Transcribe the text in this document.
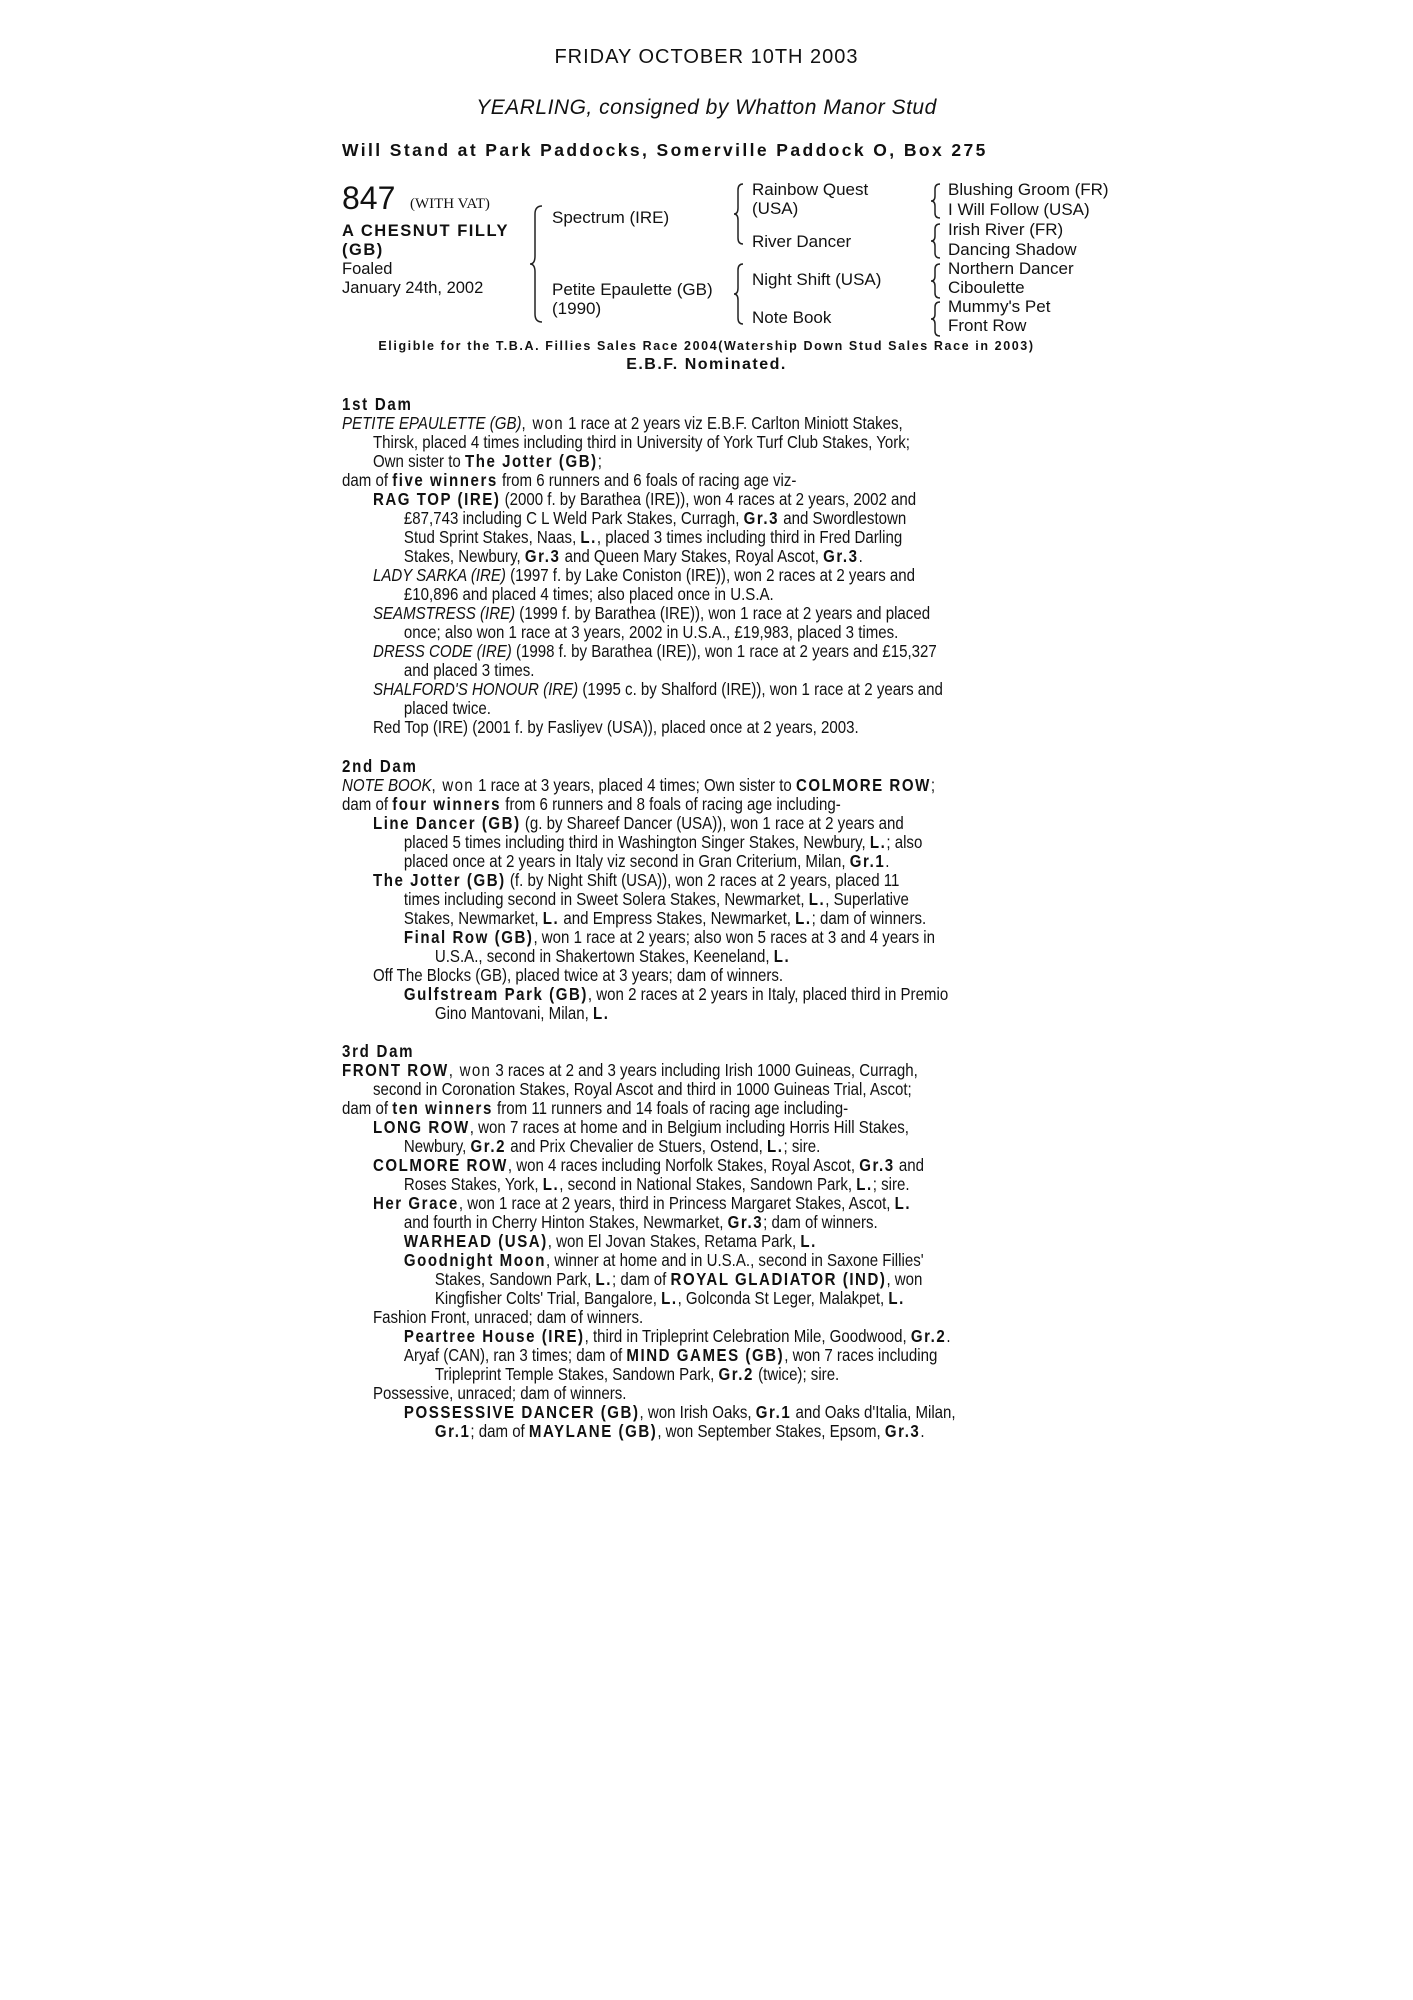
FRIDAY OCTOBER 10TH 2003
YEARLING, consigned by Whatton Manor Stud
Will Stand at Park Paddocks, Somerville Paddock O, Box 275
847 (WITH VAT)
A CHESNUT FILLY
(GB)
Foaled
January 24th, 2002
Spectrum (IRE)
Petite Epaulette (GB)
(1990)
Rainbow Quest
(USA)
River Dancer
Night Shift (USA)
Note Book
Blushing Groom (FR)
I Will Follow (USA)
Irish River (FR)
Dancing Shadow
Northern Dancer
Ciboulette
Mummy's Pet
Front Row
Eligible for the T.B.A. Fillies Sales Race 2004(Watership Down Stud Sales Race in 2003)
E.B.F. Nominated.
1st Dam
PETITE EPAULETTE (GB), won 1 race at 2 years viz E.B.F. Carlton Miniott Stakes,
Thirsk, placed 4 times including third in University of York Turf Club Stakes, York;
Own sister to The Jotter (GB);
dam of five winners from 6 runners and 6 foals of racing age viz-
RAG TOP (IRE) (2000 f. by Barathea (IRE)), won 4 races at 2 years, 2002 and
£87,743 including C L Weld Park Stakes, Curragh, Gr.3 and Swordlestown
Stud Sprint Stakes, Naas, L., placed 3 times including third in Fred Darling
Stakes, Newbury, Gr.3 and Queen Mary Stakes, Royal Ascot, Gr.3.
LADY SARKA (IRE) (1997 f. by Lake Coniston (IRE)), won 2 races at 2 years and
£10,896 and placed 4 times; also placed once in U.S.A.
SEAMSTRESS (IRE) (1999 f. by Barathea (IRE)), won 1 race at 2 years and placed
once; also won 1 race at 3 years, 2002 in U.S.A., £19,983, placed 3 times.
DRESS CODE (IRE) (1998 f. by Barathea (IRE)), won 1 race at 2 years and £15,327
and placed 3 times.
SHALFORD'S HONOUR (IRE) (1995 c. by Shalford (IRE)), won 1 race at 2 years and
placed twice.
Red Top (IRE) (2001 f. by Fasliyev (USA)), placed once at 2 years, 2003.
2nd Dam
NOTE BOOK, won 1 race at 3 years, placed 4 times; Own sister to COLMORE ROW;
dam of four winners from 6 runners and 8 foals of racing age including-
Line Dancer (GB) (g. by Shareef Dancer (USA)), won 1 race at 2 years and
placed 5 times including third in Washington Singer Stakes, Newbury, L.; also
placed once at 2 years in Italy viz second in Gran Criterium, Milan, Gr.1.
The Jotter (GB) (f. by Night Shift (USA)), won 2 races at 2 years, placed 11
times including second in Sweet Solera Stakes, Newmarket, L., Superlative
Stakes, Newmarket, L. and Empress Stakes, Newmarket, L.; dam of winners.
Final Row (GB), won 1 race at 2 years; also won 5 races at 3 and 4 years in
U.S.A., second in Shakertown Stakes, Keeneland, L.
Off The Blocks (GB), placed twice at 3 years; dam of winners.
Gulfstream Park (GB), won 2 races at 2 years in Italy, placed third in Premio
Gino Mantovani, Milan, L.
3rd Dam
FRONT ROW, won 3 races at 2 and 3 years including Irish 1000 Guineas, Curragh,
second in Coronation Stakes, Royal Ascot and third in 1000 Guineas Trial, Ascot;
dam of ten winners from 11 runners and 14 foals of racing age including-
LONG ROW, won 7 races at home and in Belgium including Horris Hill Stakes,
Newbury, Gr.2 and Prix Chevalier de Stuers, Ostend, L.; sire.
COLMORE ROW, won 4 races including Norfolk Stakes, Royal Ascot, Gr.3 and
Roses Stakes, York, L., second in National Stakes, Sandown Park, L.; sire.
Her Grace, won 1 race at 2 years, third in Princess Margaret Stakes, Ascot, L.
and fourth in Cherry Hinton Stakes, Newmarket, Gr.3; dam of winners.
WARHEAD (USA), won El Jovan Stakes, Retama Park, L.
Goodnight Moon, winner at home and in U.S.A., second in Saxone Fillies'
Stakes, Sandown Park, L.; dam of ROYAL GLADIATOR (IND), won
Kingfisher Colts' Trial, Bangalore, L., Golconda St Leger, Malakpet, L.
Fashion Front, unraced; dam of winners.
Peartree House (IRE), third in Tripleprint Celebration Mile, Goodwood, Gr.2.
Aryaf (CAN), ran 3 times; dam of MIND GAMES (GB), won 7 races including
Tripleprint Temple Stakes, Sandown Park, Gr.2 (twice); sire.
Possessive, unraced; dam of winners.
POSSESSIVE DANCER (GB), won Irish Oaks, Gr.1 and Oaks d'Italia, Milan,
Gr.1; dam of MAYLANE (GB), won September Stakes, Epsom, Gr.3.
